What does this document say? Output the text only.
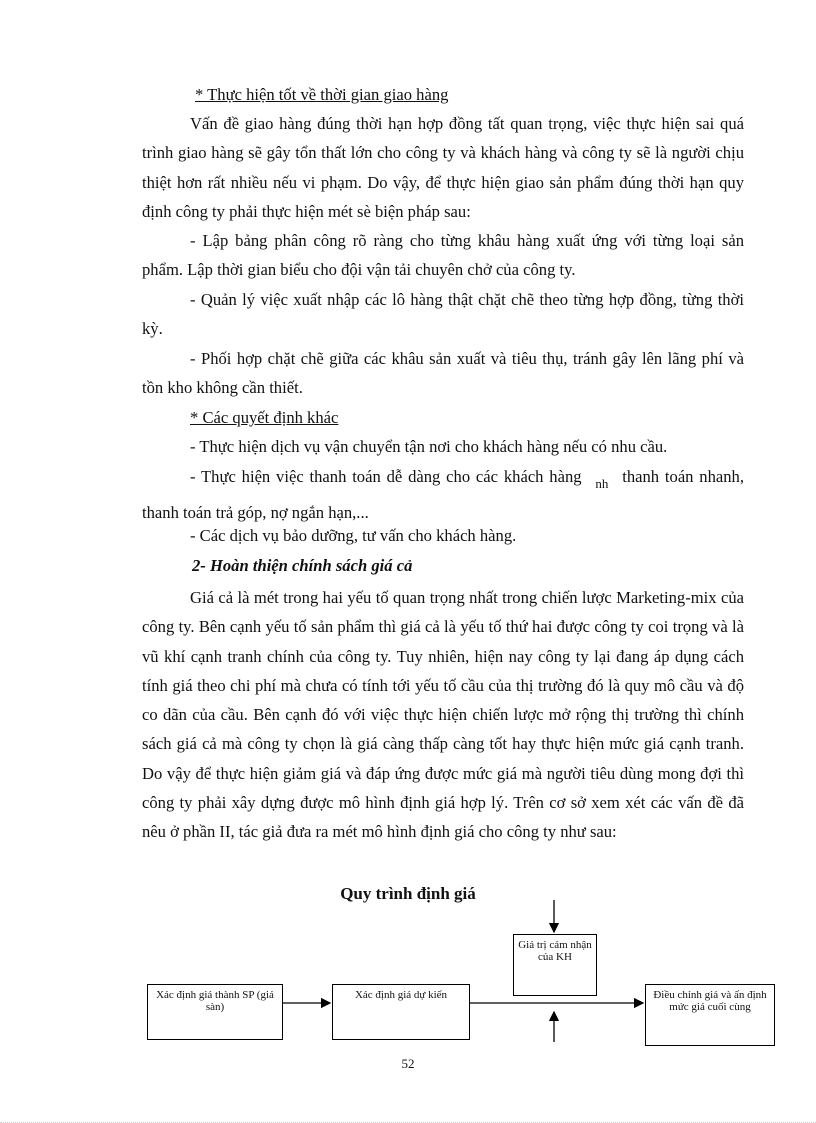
* Thực hiện tốt về thời gian giao hàng

Vấn đề giao hàng đúng thời hạn hợp đồng tất quan trọng, việc thực hiện sai quá trình giao hàng sẽ gây tổn thất lớn cho công ty và khách hàng và công ty sẽ là người chịu thiệt hơn rất nhiều nếu vi phạm. Do vậy, để thực hiện giao sản phẩm đúng thời hạn quy định công ty phải thực hiện mét sè biện pháp sau:

- Lập bảng phân công rõ ràng cho từng khâu hàng xuất ứng với từng loại sản phẩm. Lập thời gian biểu cho đội vận tải chuyên chở của công ty.

- Quản lý việc xuất nhập các lô hàng thật chặt chẽ theo từng hợp đồng, từng thời kỳ.

- Phối hợp chặt chẽ giữa các khâu sản xuất và tiêu thụ, tránh gây lên lãng phí và tồn kho không cần thiết.

* Các quyết định khác

- Thực hiện dịch vụ vận chuyển tận nơi cho khách hàng nếu có nhu cầu.

- Thực hiện việc thanh toán dễ dàng cho các khách hàng $_{nh}$ thanh toán nhanh, thanh toán trả góp, nợ ngắn hạn,...

- Các dịch vụ bảo dưỡng, tư vấn cho khách hàng.

2- Hoàn thiện chính sách giá cả

Giá cả là mét trong hai yếu tố quan trọng nhất trong chiến lược Marketing-mix của công ty. Bên cạnh yếu tố sản phẩm thì giá cả là yếu tố thứ hai được công ty coi trọng và là vũ khí cạnh tranh chính của công ty. Tuy nhiên, hiện nay công ty lại đang áp dụng cách tính giá theo chi phí mà chưa có tính tới yếu tố cầu của thị trường đó là quy mô cầu và độ co dãn của cầu. Bên cạnh đó với việc thực hiện chiến lược mở rộng thị trường thì chính sách giá cả mà công ty chọn là giá càng thấp càng tốt hay thực hiện mức giá cạnh tranh. Do vậy để thực hiện giảm giá và đáp ứng được mức giá mà người tiêu dùng mong đợi thì công ty phải xây dựng được mô hình định giá hợp lý. Trên cơ sở xem xét các vấn đề đã nêu ở phần II, tác giả đưa ra mét mô hình định giá cho công ty như sau:

Quy trình định giá
Xác định giá thành SP (giá sàn)
Xác định giá dự kiến
Giá trị cảm nhận của KH
Điều chỉnh giá và ấn định mức giá cuối cùng
52
